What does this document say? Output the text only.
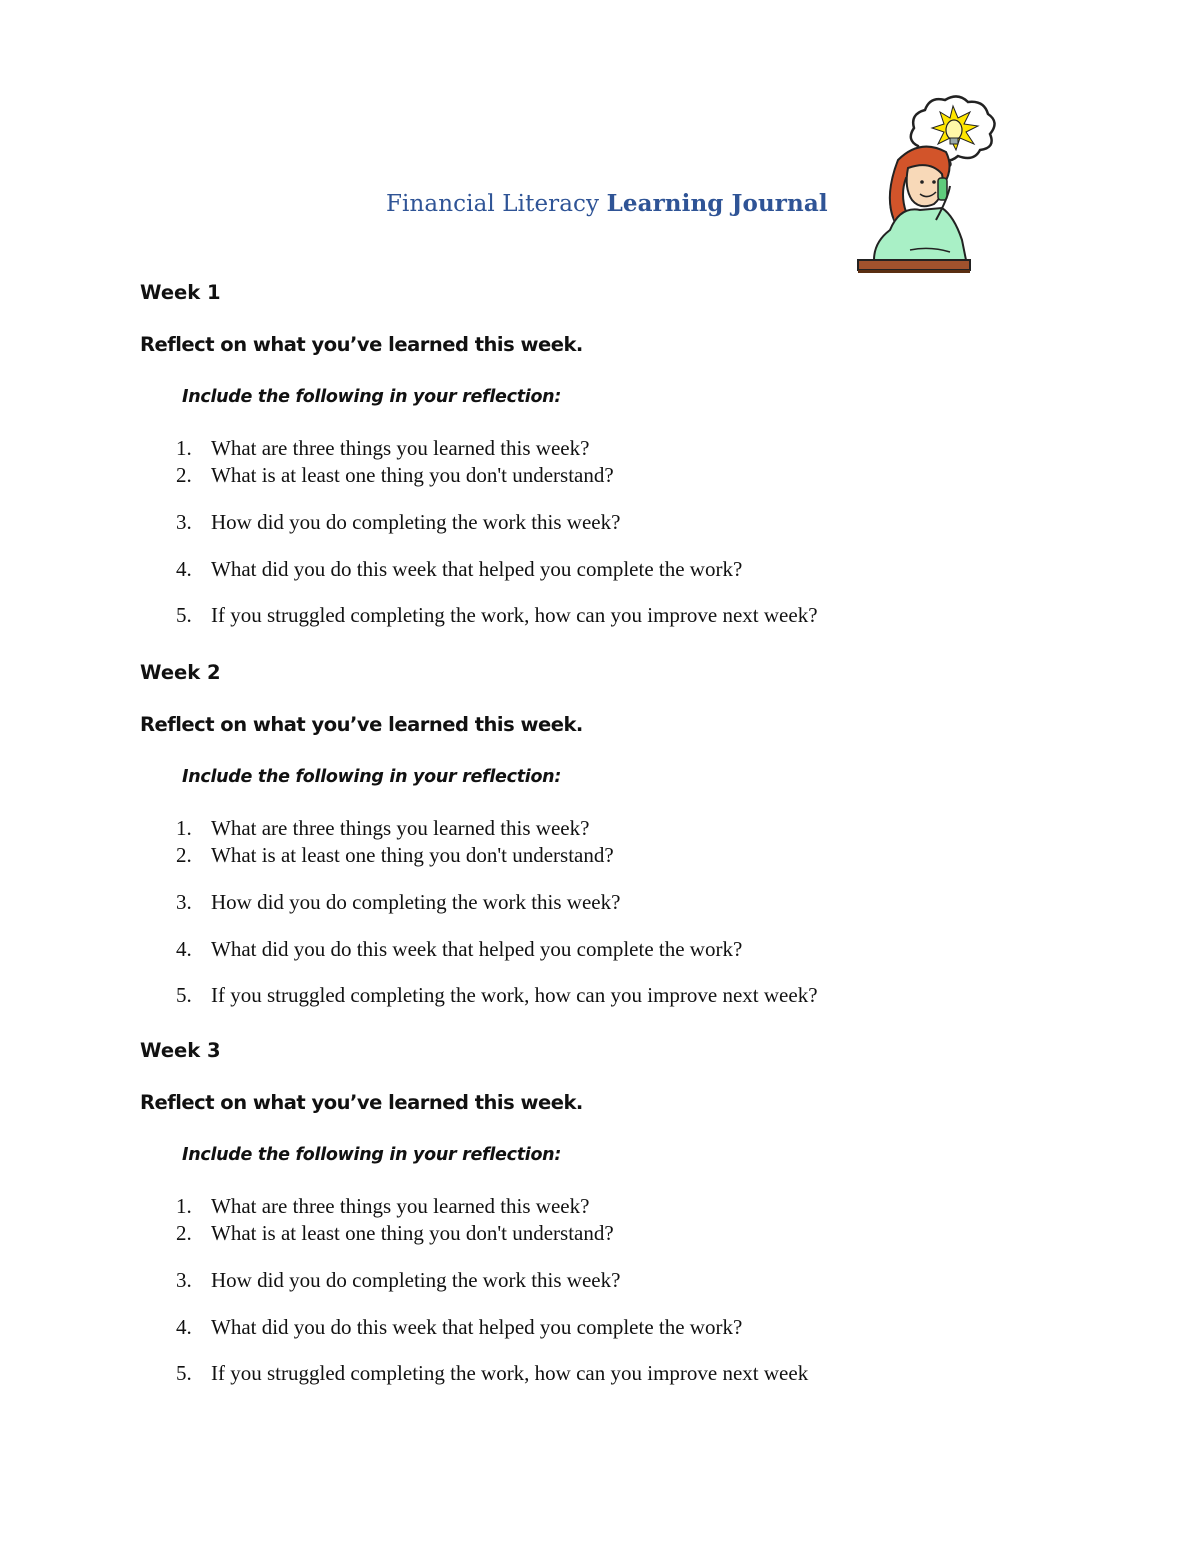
Financial Literacy Learning Journal
Week 1
Reflect on what you’ve learned this week.
Include the following in your reflection:
1. What are three things you learned this week?
2. What is at least one thing you don't understand?
3. How did you do completing the work this week?
4. What did you do this week that helped you complete the work?
5. If you struggled completing the work, how can you improve next week?
Week 2
Reflect on what you’ve learned this week.
Include the following in your reflection:
1. What are three things you learned this week?
2. What is at least one thing you don't understand?
3. How did you do completing the work this week?
4. What did you do this week that helped you complete the work?
5. If you struggled completing the work, how can you improve next week?
Week 3
Reflect on what you’ve learned this week.
Include the following in your reflection:
1. What are three things you learned this week?
2. What is at least one thing you don't understand?
3. How did you do completing the work this week?
4. What did you do this week that helped you complete the work?
5. If you struggled completing the work, how can you improve next week
